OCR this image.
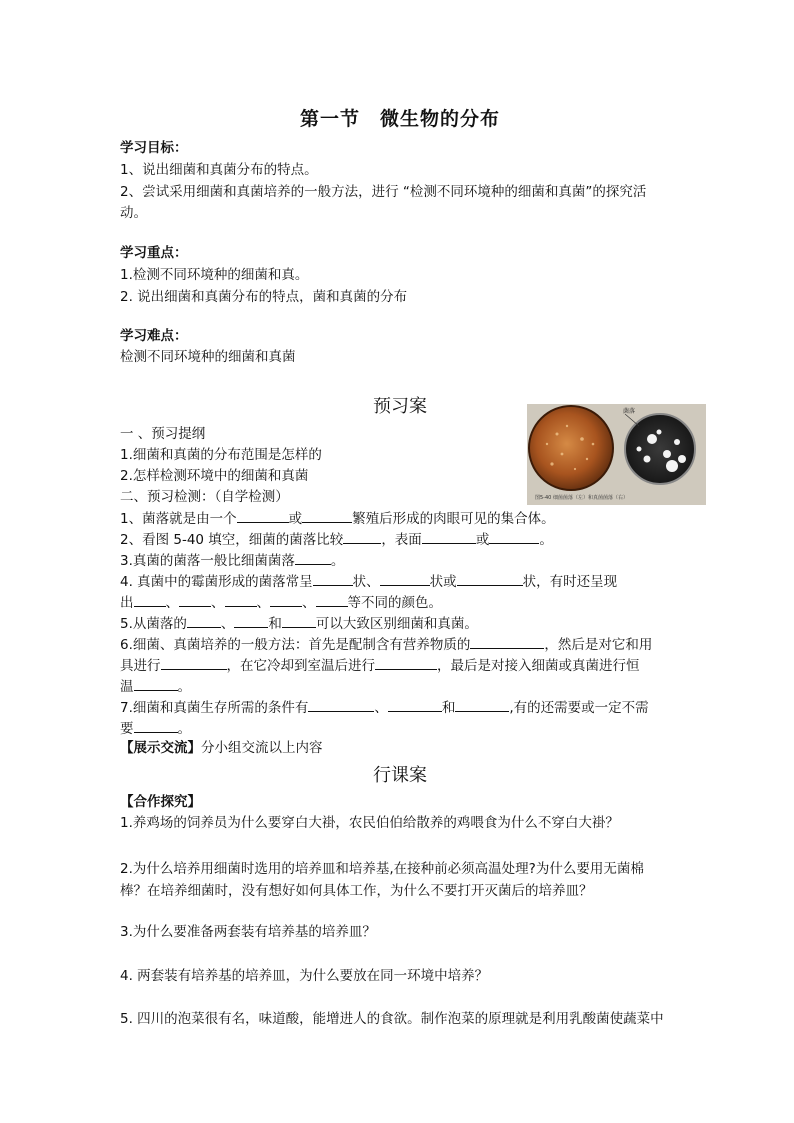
第一节　微生物的分布
学习目标：
1、说出细菌和真菌分布的特点。
2、尝试采用细菌和真菌培养的一般方法，进行 “检测不同环境种的细菌和真菌”的探究活
动。
学习重点：
1.检测不同环境种的细菌和真。
2. 说出细菌和真菌分布的特点，菌和真菌的分布
学习难点：
检测不同环境种的细菌和真菌
预习案
一 、预习提纲
1.细菌和真菌的分布范围是怎样的
2.怎样检测环境中的细菌和真菌
二、预习检测：（自学检测）
1、菌落就是由一个	或	繁殖后形成的肉眼可见的集合体。
2、看图 5-40 填空，细菌的菌落比较	，表面	或	。
3.真菌的菌落一般比细菌菌落	。
4. 真菌中的霉菌形成的菌落常呈	状、	状或	状，有时还呈现
出 、 、 、 、 等不同的颜色。
5.从菌落的	、	和	可以大致区别细菌和真菌。
6.细菌、真菌培养的一般方法：首先是配制含有营养物质的	，然后是对它和用
具进行	，在它冷却到室温后进行	，最后是对接入细菌或真菌进行恒
温	。
7.细菌和真菌生存所需的条件有	、	和	,有的还需要或一定不需
要	。
【展示交流】分小组交流以上内容
行课案
【合作探究】
1.养鸡场的饲养员为什么要穿白大褂，农民伯伯给散养的鸡喂食为什么不穿白大褂？
2.为什么培养用细菌时选用的培养皿和培养基,在接种前必须高温处理?为什么要用无菌棉
棒？在培养细菌时，没有想好如何具体工作，为什么不要打开灭菌后的培养皿？
3.为什么要准备两套装有培养基的培养皿？
4. 两套装有培养基的培养皿，为什么要放在同一环境中培养？
5. 四川的泡菜很有名，味道酸，能增进人的食欲。制作泡菜的原理就是利用乳酸菌使蔬菜中
菌落
图5-40 细菌菌落（左）和真菌菌落（右）
